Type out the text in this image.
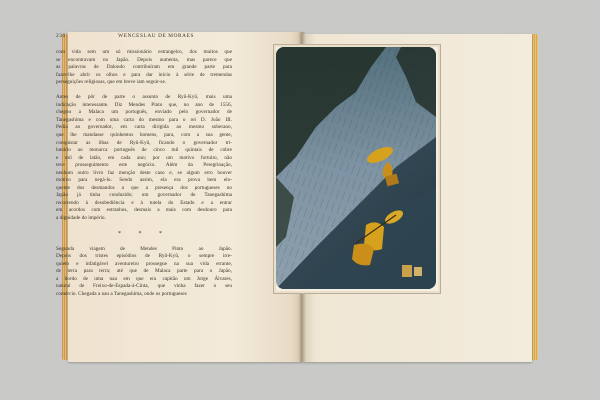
236	WENCESLAU DE MORAES
com vida sem um só missionário estrangeiro, dos muitos que
se encontravam no Japão. Depois aumenta, mas parece que
as palavras de Dalondo contribuíram em grande parte para
fazer-lhe abrir os olhos e para dar início à série de tremendas
perseguições religiosas, que em breve iam seguir-se.
Antes de pôr de parte o assunto de Ryû-Kyû, mais uma
indicação interessante. Diz Mendes Pinto que, no ano de 1556,
chegou a Malaca um português, enviado pelo governador de
Tanegashima e com uma carta do mesmo para o rei D. João III.
Pedia ao governador, em carta dirigida ao mesmo soberano,
que lhe mandasse quinhentos homens, para, com a sua gente,
conquistar as ilhas de Ryû-Kyû, ficando o governador tri-
butário ao monarca português de cinco mil quintais de cobre
e mil de latão, em cada ano; por um motivo fortuito, não
teve prosseguimento este negócio. Além da Peregrinação,
nenhum outro livro faz menção deste caso e, se algum erro houver
motivo para negá-lo. Sendo assim, ela era prova bem elo-
quente dos desmandos a que a presença dos portugueses no
Japão já tinha conduzido; um governador de Tanegashima
recorrendo à desobediência e à tutela do Estado e a entrar
em acordos com estranhos, desmais a mais com desdouro para
a dignidade do império.
* * *
Segunda viagem de Mendes Pinto ao Japão.
Depois dos tristes episódios de Ryû-Kyû, o sempre irre-
quieto e infatigável aventureiro prossegue na sua vida errante,
de terra para terra; até que de Malaca parte para o Japão,
a bordo de uma nau em que era capitão um Jorge Álvares,
natural de Freixo-de-Espada-à-Cinta, que vinha fazer o seu
comércio. Chegada a nau a Tanegashima, onde os portugueses
